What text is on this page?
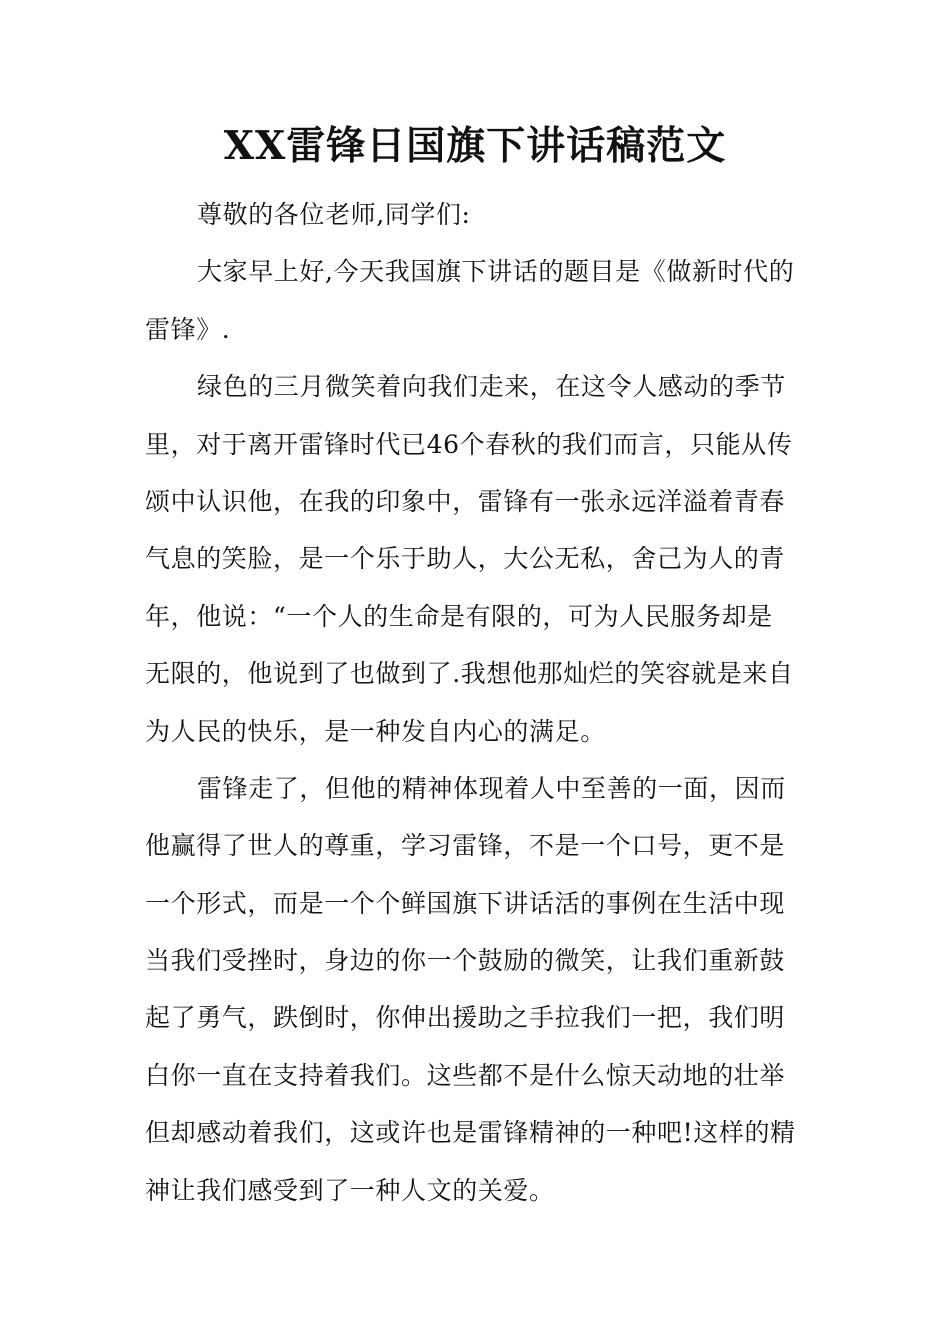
XX雷锋日国旗下讲话稿范文
尊敬的各位老师,同学们:
大家早上好,今天我国旗下讲话的题目是《做新时代的
雷锋》.
绿色的三月微笑着向我们走来，在这令人感动的季节
里，对于离开雷锋时代已46个春秋的我们而言，只能从传
颂中认识他，在我的印象中，雷锋有一张永远洋溢着青春
气息的笑脸，是一个乐于助人，大公无私，舍己为人的青
年，他说：“一个人的生命是有限的，可为人民服务却是
无限的，他说到了也做到了.我想他那灿烂的笑容就是来自
为人民的快乐，是一种发自内心的满足。
雷锋走了，但他的精神体现着人中至善的一面，因而
他赢得了世人的尊重，学习雷锋，不是一个口号，更不是
一个形式，而是一个个鲜国旗下讲话活的事例在生活中现
当我们受挫时，身边的你一个鼓励的微笑，让我们重新鼓
起了勇气，跌倒时，你伸出援助之手拉我们一把，我们明
白你一直在支持着我们。这些都不是什么惊天动地的壮举
但却感动着我们，这或许也是雷锋精神的一种吧!这样的精
神让我们感受到了一种人文的关爱。
